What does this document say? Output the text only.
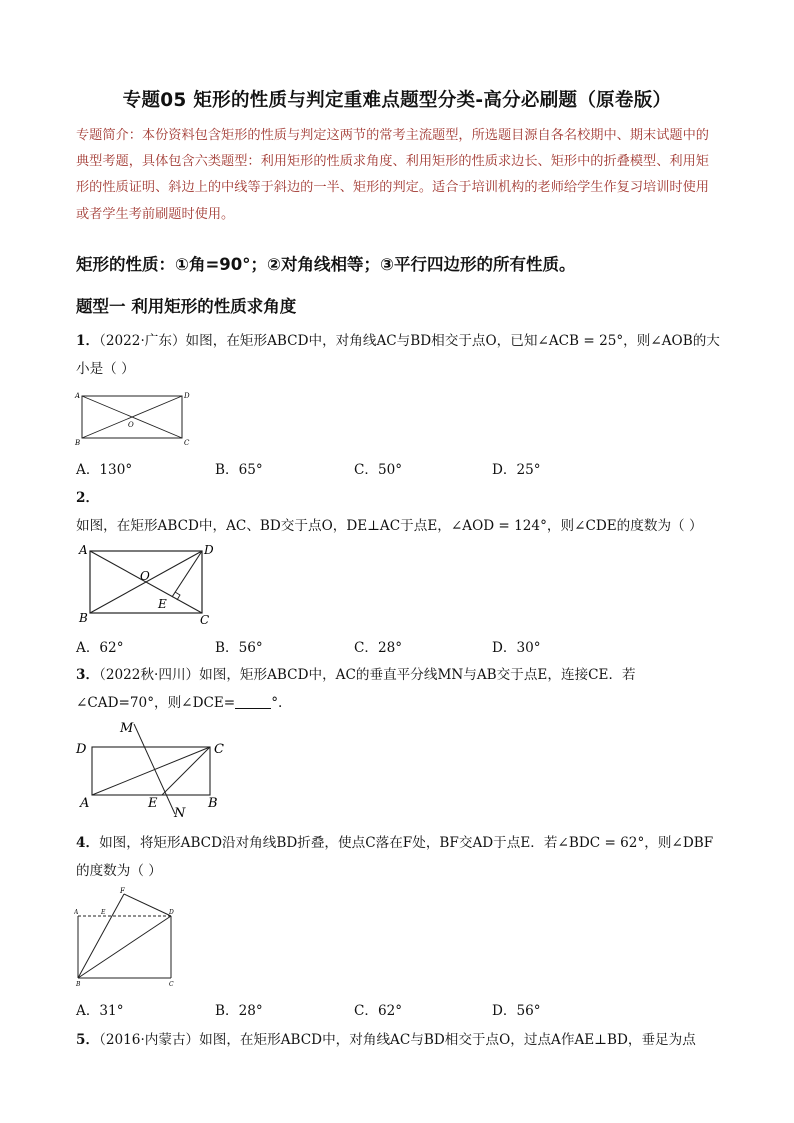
专题05 矩形的性质与判定重难点题型分类-高分必刷题（原卷版）
专题简介：本份资料包含矩形的性质与判定这两节的常考主流题型，所选题目源自各名校期中、期末试题中的典型考题，具体包含六类题型：利用矩形的性质求角度、利用矩形的性质求边长、矩形中的折叠模型、利用矩形的性质证明、斜边上的中线等于斜边的一半、矩形的判定。适合于培训机构的老师给学生作复习培训时使用或者学生考前刷题时使用。
矩形的性质：①角=90°；②对角线相等；③平行四边形的所有性质。
题型一 利用矩形的性质求角度
1．（2022·广东）如图，在矩形ABCD中，对角线AC与BD相交于点O，已知∠ACB = 25°，则∠AOB的大小是（ ）
A	D
B	C
O
A．130°	B．65°	C．50°	D．25°
2．如图，在矩形ABCD中，AC、BD交于点O，DE⊥AC于点E，∠AOD = 124°，则∠CDE的度数为（ ）
A	D
B	C
O
E
A．62°	B．56°	C．28°	D．30°
3．（2022秋·四川）如图，矩形ABCD中，AC的垂直平分线MN与AB交于点E，连接CE．若∠CAD=70°，则∠DCE=	°.
M
D	C
A	E	B
N
4．如图，将矩形ABCD沿对角线BD折叠，使点C落在F处，BF交AD于点E．若∠BDC = 62°，则∠DBF的度数为（ ）
F
A	E	D
B	C
A．31°	B．28°	C．62°	D．56°
5．（2016·内蒙古）如图，在矩形ABCD中，对角线AC与BD相交于点O，过点A作AE⊥BD，垂足为点
